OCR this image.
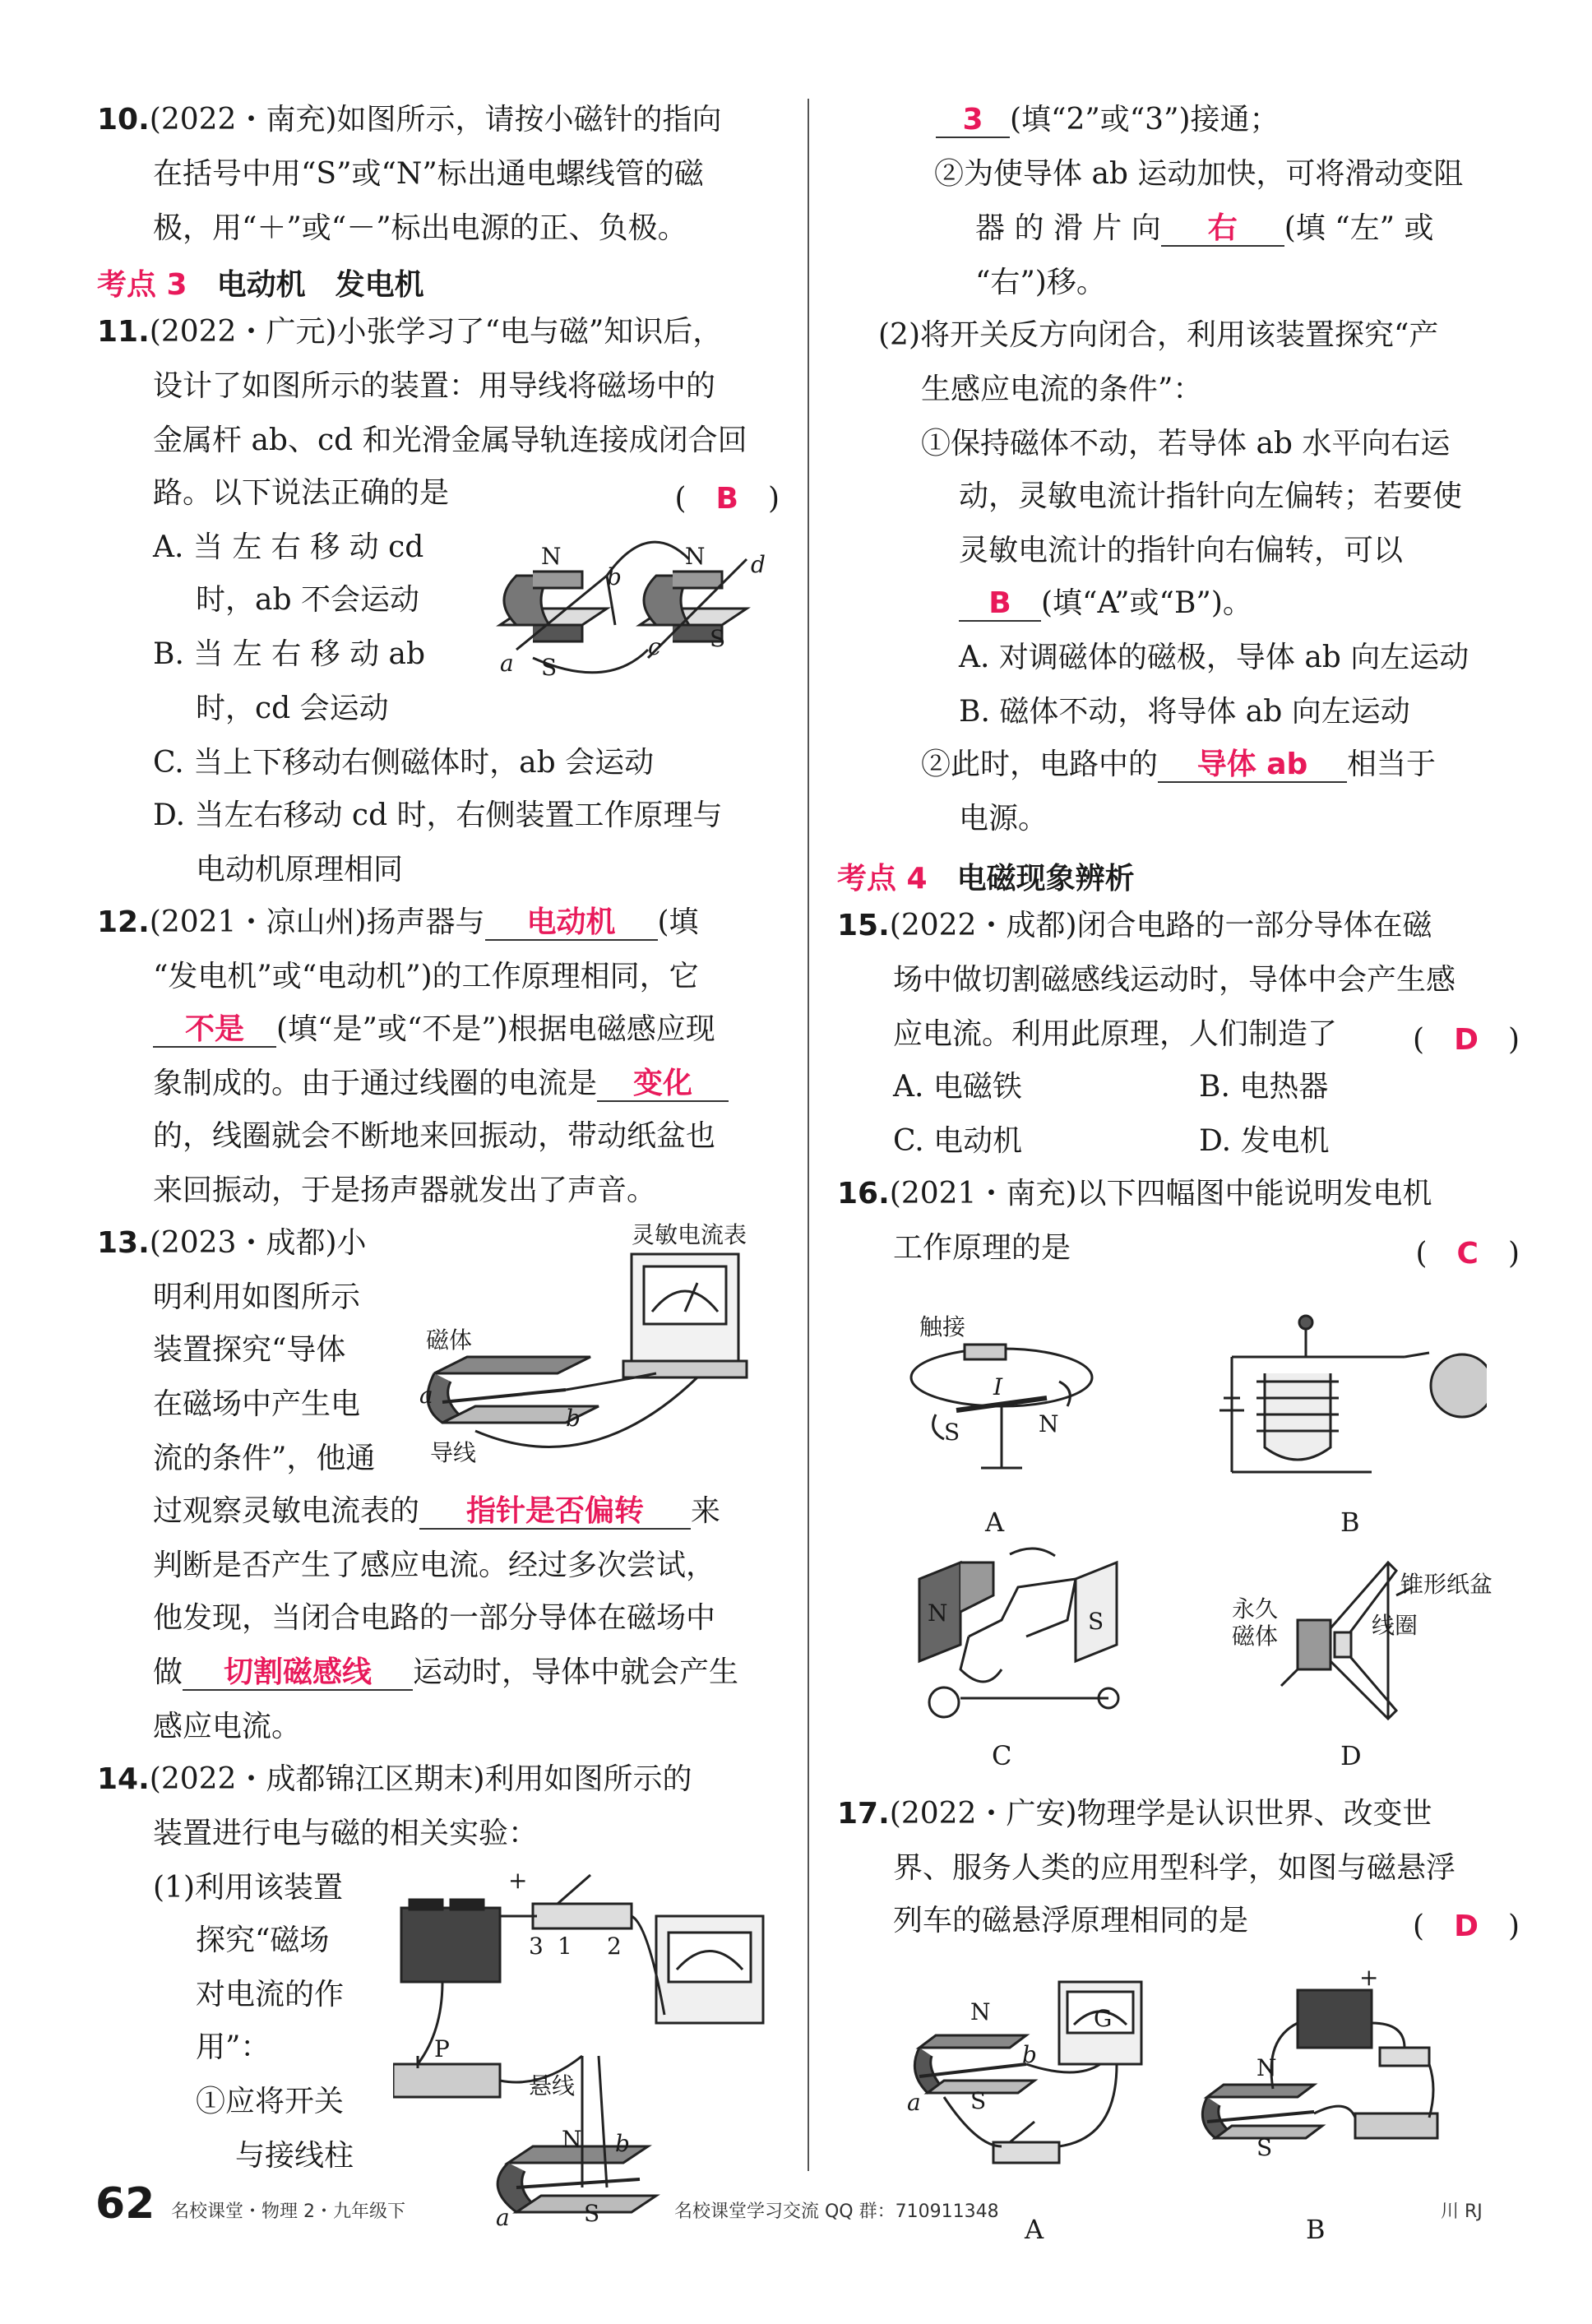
10.(2022・南充)如图所示，请按小磁针的指向
在括号中用“S”或“N”标出通电螺线管的磁
极，用“＋”或“－”标出电源的正、负极。
考点 3 电动机　发电机
11.(2022・广元)小张学习了“电与磁”知识后，
设计了如图所示的装置：用导线将磁场中的
金属杆 ab、cd 和光滑金属导轨连接成闭合回
路。以下说法正确的是	(　B　)
A. 当 左 右 移 动 cd
时，ab 不会运动
B. 当 左 右 移 动 ab
时，cd 会运动
C. 当上下移动右侧磁体时，ab 会运动
D. 当左右移动 cd 时，右侧装置工作原理与
电动机原理相同
N	N
b	d
a S
c S
12.(2021・凉山州)扬声器与 电动机 (填
“发电机”或“电动机”)的工作原理相同，它
不是 (填“是”或“不是”)根据电磁感应现
象制成的。由于通过线圈的电流是 变化
的，线圈就会不断地来回振动，带动纸盆也
来回振动，于是扬声器就发出了声音。
13.(2023・成都)小
明利用如图所示
装置探究“导体
在磁场中产生电
流的条件”，他通
过观察灵敏电流表的 指针是否偏转 来
判断是否产生了感应电流。经过多次尝试，
他发现，当闭合电路的一部分导体在磁场中
做 切割磁感线 运动时，导体中就会产生
感应电流。
灵敏电流表
磁体
a
b
导线
14.(2022・成都锦江区期末)利用如图所示的
装置进行电与磁的相关实验：
(1)利用该装置
探究“磁场
对电流的作
用”：
①应将开关
与接线柱
P
3 1 2
+
悬线
N
S
b
a
3 (填“2”或“3”)接通；
②为使导体 ab 运动加快，可将滑动变阻
器 的 滑 片 向 右 (填 “左” 或
“右”)移。
(2)将开关反方向闭合，利用该装置探究“产
生感应电流的条件”：
①保持磁体不动，若导体 ab 水平向右运
动，灵敏电流计指针向左偏转；若要使
灵敏电流计的指针向右偏转，可以
B (填“A”或“B”)。
A. 对调磁体的磁极，导体 ab 向左运动
B. 磁体不动，将导体 ab 向左运动
②此时，电路中的 导体 ab 相当于
电源。
考点 4 电磁现象辨析
15.(2022・成都)闭合电路的一部分导体在磁
场中做切割磁感线运动时，导体中会产生感
应电流。利用此原理，人们制造了	(　D　)
A. 电磁铁	B. 电热器
C. 电动机	D. 发电机
16.(2021・南充)以下四幅图中能说明发电机
工作原理的是	(　C　)
触接
I
S	N
A	B
N	S
C
锥形纸盆
线圈
永久
磁体
D
17.(2022・广安)物理学是认识世界、改变世
界、服务人类的应用型科学，如图与磁悬浮
列车的磁悬浮原理相同的是	(　D　)
N
S
a
b
G
A
N
S
+
B
62 名校课堂・物理 2・九年级下	名校课堂学习交流 QQ 群：710911348	川 RJ
